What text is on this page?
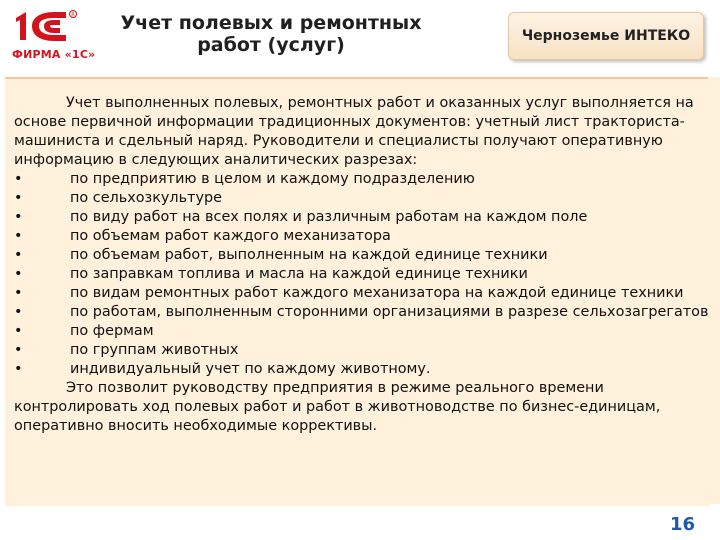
R
ФИРМА «1С»
Учет полевых и ремонтных работ (услуг)	Черноземье ИНТЕКО

Учет выполненных полевых, ремонтных работ и оказанных услуг выполняется на основе первичной информации традиционных документов: учетный лист тракториста-машиниста и сдельный наряд. Руководители и специалисты получают оперативную информацию в следующих аналитических разрезах:

•	по предприятию в целом и каждому подразделению
•	по сельхозкультуре
•	по виду работ на всех полях и различным работам на каждом поле
•	по объемам работ каждого механизатора
•	по объемам работ, выполненным на каждой единице техники
•	по заправкам топлива и масла на каждой единице техники
•	по видам ремонтных работ каждого механизатора на каждой единице техники
•	по работам, выполненным сторонними организациями в разрезе сельхозагрегатов
•	по фермам
•	по группам животных
•	индивидуальный учет по каждому животному.

Это позволит руководству предприятия в режиме реального времени контролировать ход полевых работ и работ в животноводстве по бизнес-единицам, оперативно вносить необходимые коррективы.

16
